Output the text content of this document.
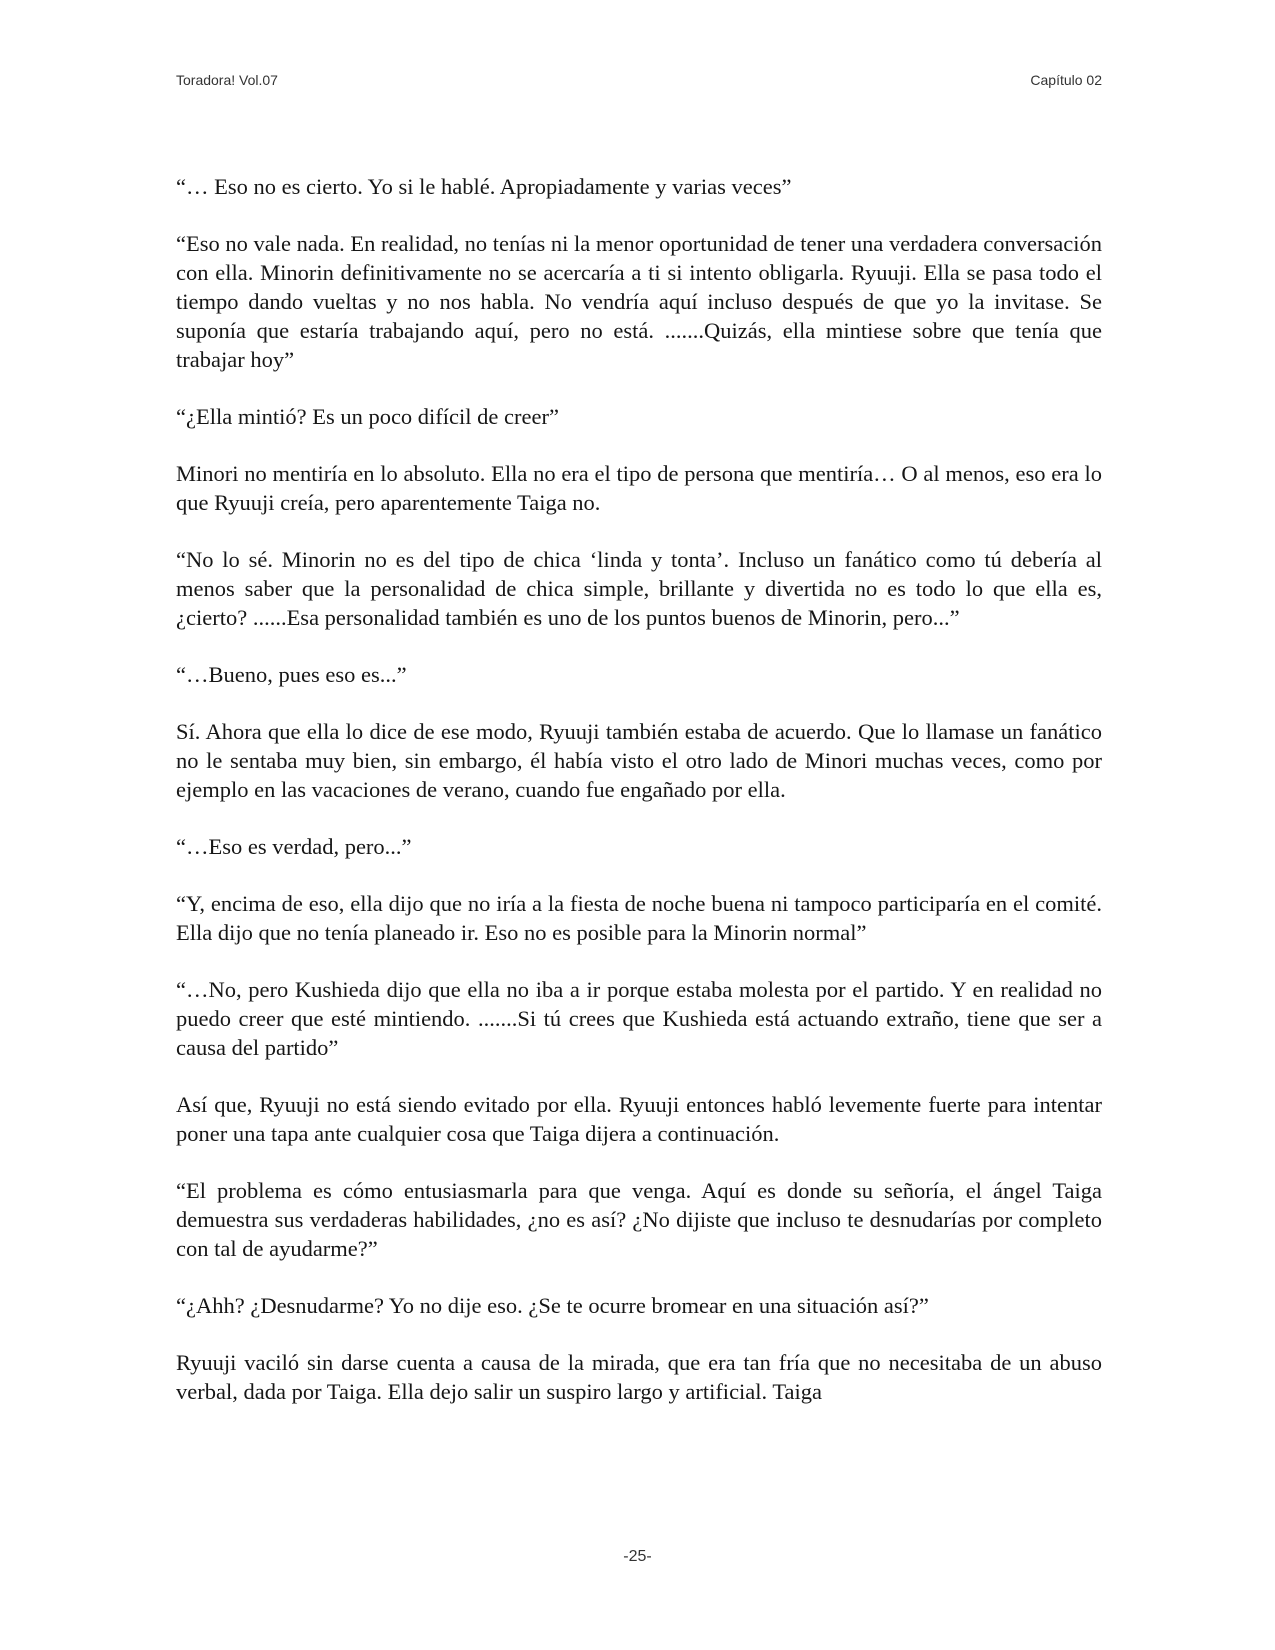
Toradora! Vol.07	Capítulo 02

“… Eso no es cierto. Yo si le hablé. Apropiadamente y varias veces”

“Eso no vale nada. En realidad, no tenías ni la menor oportunidad de tener una verdadera conversación con ella. Minorin definitivamente no se acercaría a ti si intento obligarla. Ryuuji. Ella se pasa todo el tiempo dando vueltas y no nos habla. No vendría aquí incluso después de que yo la invitase. Se suponía que estaría trabajando aquí, pero no está. .......Quizás, ella mintiese sobre que tenía que trabajar hoy”

“¿Ella mintió? Es un poco difícil de creer”

Minori no mentiría en lo absoluto. Ella no era el tipo de persona que mentiría… O al menos, eso era lo que Ryuuji creía, pero aparentemente Taiga no.

“No lo sé. Minorin no es del tipo de chica ‘linda y tonta’. Incluso un fanático como tú debería al menos saber que la personalidad de chica simple, brillante y divertida no es todo lo que ella es, ¿cierto? ......Esa personalidad también es uno de los puntos buenos de Minorin, pero...”

“…Bueno, pues eso es...”

Sí. Ahora que ella lo dice de ese modo, Ryuuji también estaba de acuerdo. Que lo llamase un fanático no le sentaba muy bien, sin embargo, él había visto el otro lado de Minori muchas veces, como por ejemplo en las vacaciones de verano, cuando fue engañado por ella.

“…Eso es verdad, pero...”

“Y, encima de eso, ella dijo que no iría a la fiesta de noche buena ni tampoco participaría en el comité. Ella dijo que no tenía planeado ir. Eso no es posible para la Minorin normal”

“…No, pero Kushieda dijo que ella no iba a ir porque estaba molesta por el partido. Y en realidad no puedo creer que esté mintiendo. .......Si tú crees que Kushieda está actuando extraño, tiene que ser a causa del partido”

Así que, Ryuuji no está siendo evitado por ella. Ryuuji entonces habló levemente fuerte para intentar poner una tapa ante cualquier cosa que Taiga dijera a continuación.

“El problema es cómo entusiasmarla para que venga. Aquí es donde su señoría, el ángel Taiga demuestra sus verdaderas habilidades, ¿no es así? ¿No dijiste que incluso te desnudarías por completo con tal de ayudarme?”

“¿Ahh? ¿Desnudarme? Yo no dije eso. ¿Se te ocurre bromear en una situación así?”

Ryuuji vaciló sin darse cuenta a causa de la mirada, que era tan fría que no necesitaba de un abuso verbal, dada por Taiga. Ella dejo salir un suspiro largo y artificial. Taiga

-25-
